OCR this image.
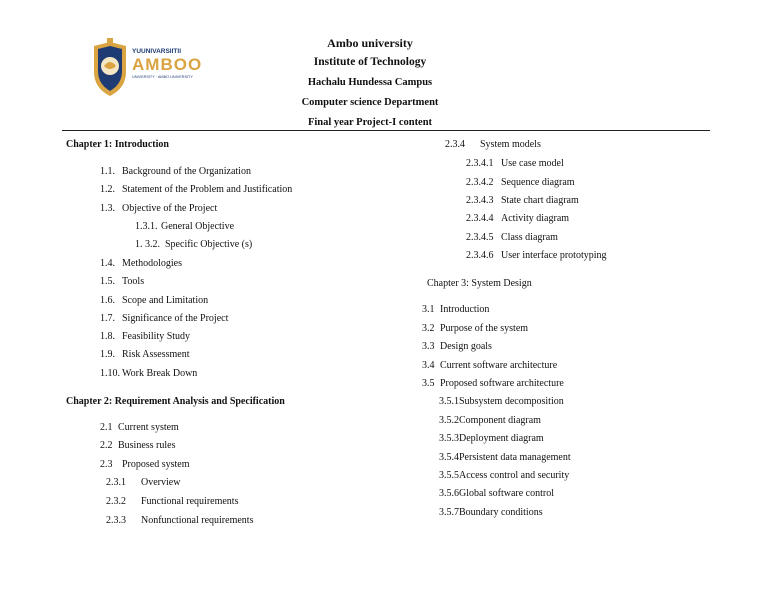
YUUNIVARSIITII
AMBOO
UNIVERSITY · AMBO UNIVERSITY
Ambo university
Institute of Technology
Hachalu Hundessa Campus
Computer science Department
Final year Project-I content
Chapter 1: Introduction
1.1. Background of the Organization
1.2. Statement of the Problem and Justification
1.3. Objective of the Project
1.3.1. General Objective
1. 3.2. Specific Objective (s)
1.4. Methodologies
1.5. Tools
1.6. Scope and Limitation
1.7. Significance of the Project
1.8. Feasibility Study
1.9. Risk Assessment
1.10. Work Break Down
Chapter 2: Requirement Analysis and Specification
2.1 Current system
2.2 Business rules
2.3 Proposed system
2.3.1 Overview
2.3.2 Functional requirements
2.3.3 Nonfunctional requirements
2.3.4 System models
2.3.4.1 Use case model
2.3.4.2 Sequence diagram
2.3.4.3 State chart diagram
2.3.4.4 Activity diagram
2.3.4.5 Class diagram
2.3.4.6 User interface prototyping
Chapter 3: System Design
3.1 Introduction
3.2 Purpose of the system
3.3 Design goals
3.4 Current software architecture
3.5 Proposed software architecture
3.5.1Subsystem decomposition
3.5.2Component diagram
3.5.3Deployment diagram
3.5.4Persistent data management
3.5.5Access control and security
3.5.6Global software control
3.5.7Boundary conditions
